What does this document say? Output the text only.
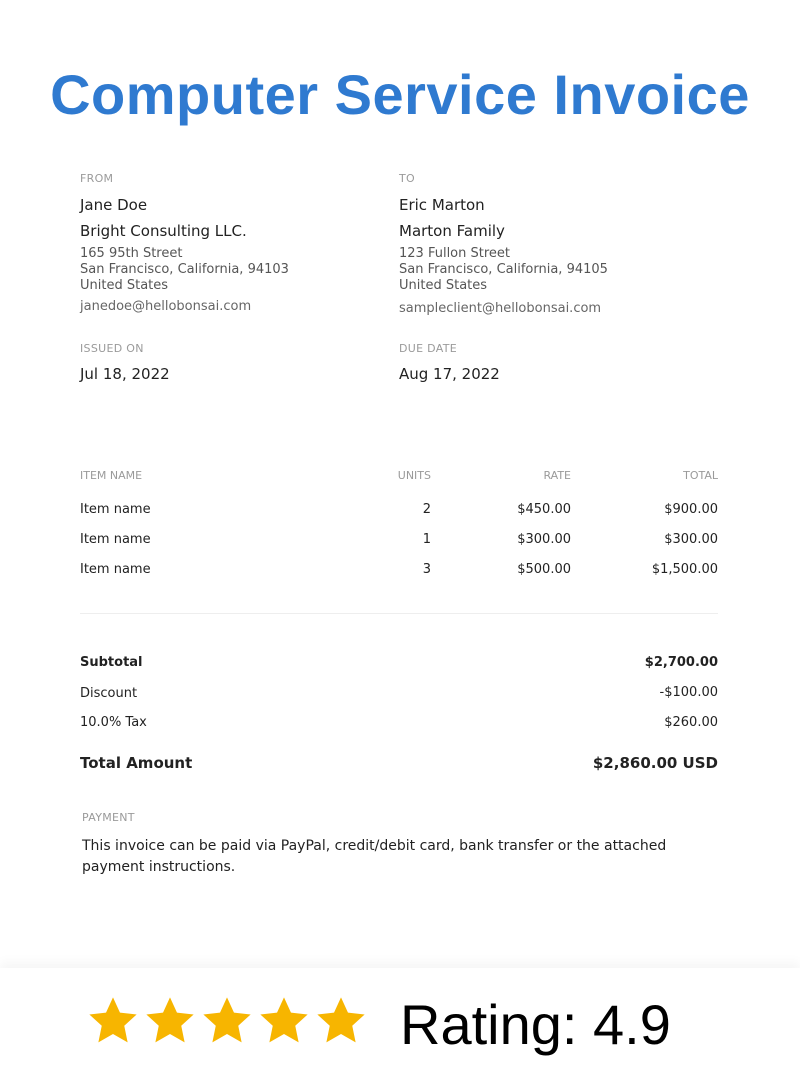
Computer Service Invoice
FROM
Jane Doe
Bright Consulting LLC.
165 95th Street
San Francisco, California, 94103
United States
janedoe@hellobonsai.com
TO
Eric Marton
Marton Family
123 Fullon Street
San Francisco, California, 94105
United States
sampleclient@hellobonsai.com
ISSUED ON
Jul 18, 2022
DUE DATE
Aug 17, 2022
ITEM NAME	UNITS	RATE	TOTAL
Item name	2	$450.00	$900.00
Item name	1	$300.00	$300.00
Item name	3	$500.00	$1,500.00
Subtotal	$2,700.00
Discount	-$100.00
10.0% Tax	$260.00
Total Amount	$2,860.00 USD
PAYMENT
This invoice can be paid via PayPal, credit/debit card, bank transfer or the attached payment instructions.
Rating: 4.9
